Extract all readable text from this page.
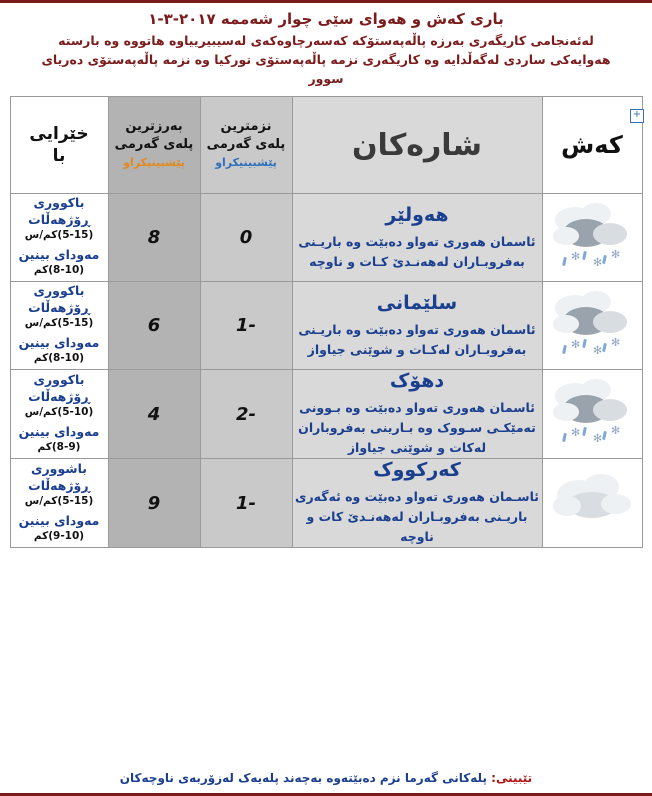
باری کەش و هەوای سێی چوار شەممە ٢٠١٧-٣-١
لەئەنجامی کاریگەری بەرزە پاڵەپەستۆکە کەسەرچاوەکەی لەسیبیرییاوە هاتووە وە بارستە
هەوایەکی ساردی لەگەڵدایە وە کاریگەری نزمە پاڵەپەستۆی تورکیا وە نزمە پاڵەپەستۆی دەریای
سوور
+
کەش	شارەکان	نزمترین
پلەی گەرمی
پێشبینیکراو	بەرزترین
پلەی گەرمی
پێشبینیکراو	خێرایی
با

✻ ✻
✻	هەولێر
ئاسمان هەوری تەواو دەبێت وە باریـنی بەفروبـاران لەهەنـدێ کـات و ناوچە	0	8	باکووری ڕۆژهەڵات
(5-15)کم/س
مەودای بینین
(8-10)کم

✻ ✻
✻	سلێمانی
ئاسمان هەوری تەواو دەبێت وە باریـنی بەفروبـاران لەکـات و شوێنی جیاواز	-1	6	باکووری ڕۆژهەڵات
(5-15)کم/س
مەودای بینین
(8-10)کم

✻ ✻
✻	دهۆک
ئاسمان هەوری تەواو دەبێت وە بـوونی تەمێکـی سـووک وە بـارینی بەفروباران لەکات و شوێنی جیاواز	-2	4	باکووری ڕۆژهەڵات
(5-10)کم/س
مەودای بینین
(8-9)کم

	کەرکووک
ئاسـمان هەوری تەواو دەبێت وە ئەگەری باریـنی بەفروبـاران لەهەنـدێ کات و ناوچە	-1	9	باشووری ڕۆژهەڵات
(5-15)کم/س
مەودای بینین
(9-10)کم
تێبینی: پلەکانی گەرما نزم دەبێتەوە بەچەند پلەیەک لەزۆربەی ناوچەکان
